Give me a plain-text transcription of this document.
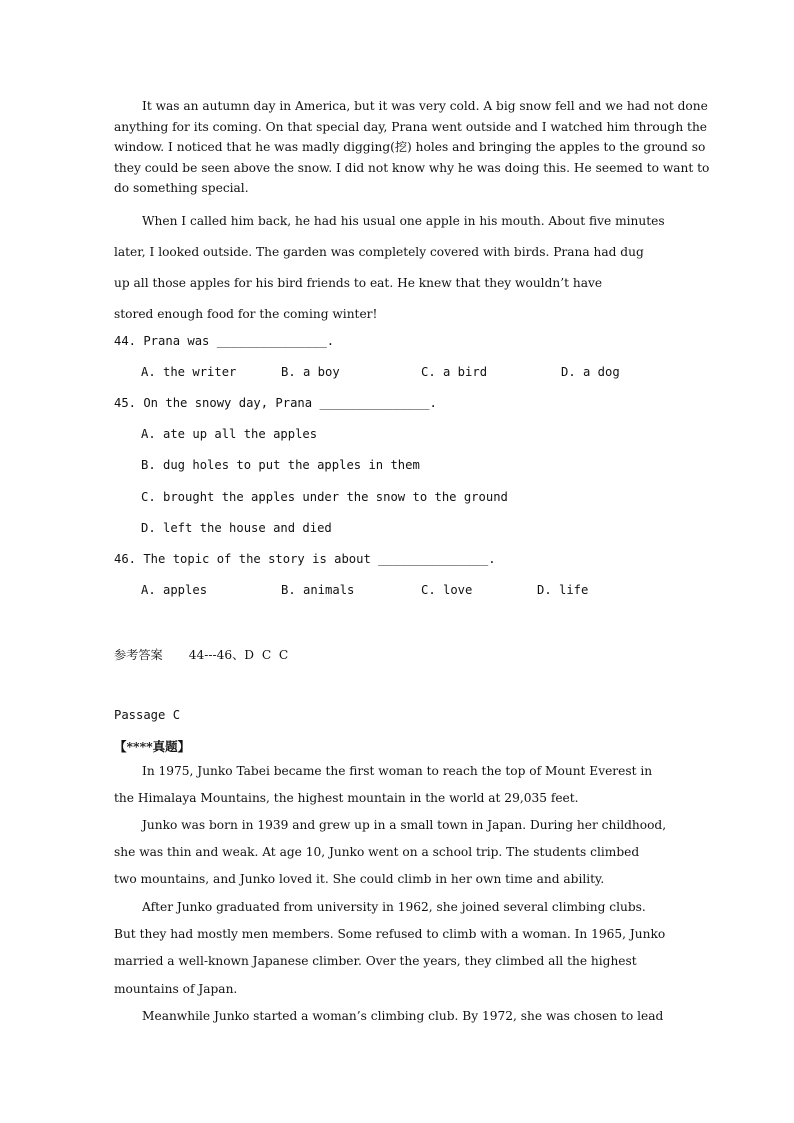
It was an autumn day in America, but it was very cold. A big snow fell and we had not done
anything for its coming. On that special day, Prana went outside and I watched him through the
window. I noticed that he was madly digging(挖) holes and bringing the apples to the ground so
they could be seen above the snow. I did not know why he was doing this. He seemed to want to
do something special.
When I called him back, he had his usual one apple in his mouth. About five minutes
later, I looked outside. The garden was completely covered with birds. Prana had dug
up all those apples for his bird friends to eat. He knew that they wouldn’t have
stored enough food for the coming winter!
44. Prana was _______________.
A. the writer	B. a boy	C. a bird	D. a dog
45. On the snowy day, Prana _______________.
A. ate up all the apples
B. dug holes to put the apples in them
C. brought the apples under the snow to the ground
D. left the house and died
46. The topic of the story is about _______________.
A. apples	B. animals	C. love	D. life
参考答案 44---46、D  C  C
Passage C
【****真题】
In 1975, Junko Tabei became the first woman to reach the top of Mount Everest in
the Himalaya Mountains, the highest mountain in the world at 29,035 feet.
Junko was born in 1939 and grew up in a small town in Japan. During her childhood,
she was thin and weak. At age 10, Junko went on a school trip. The students climbed
two mountains, and Junko loved it. She could climb in her own time and ability.
After Junko graduated from university in 1962, she joined several climbing clubs.
But they had mostly men members. Some refused to climb with a woman. In 1965, Junko
married a well-known Japanese climber. Over the years, they climbed all the highest
mountains of Japan.
Meanwhile Junko started a woman’s climbing club. By 1972, she was chosen to lead
